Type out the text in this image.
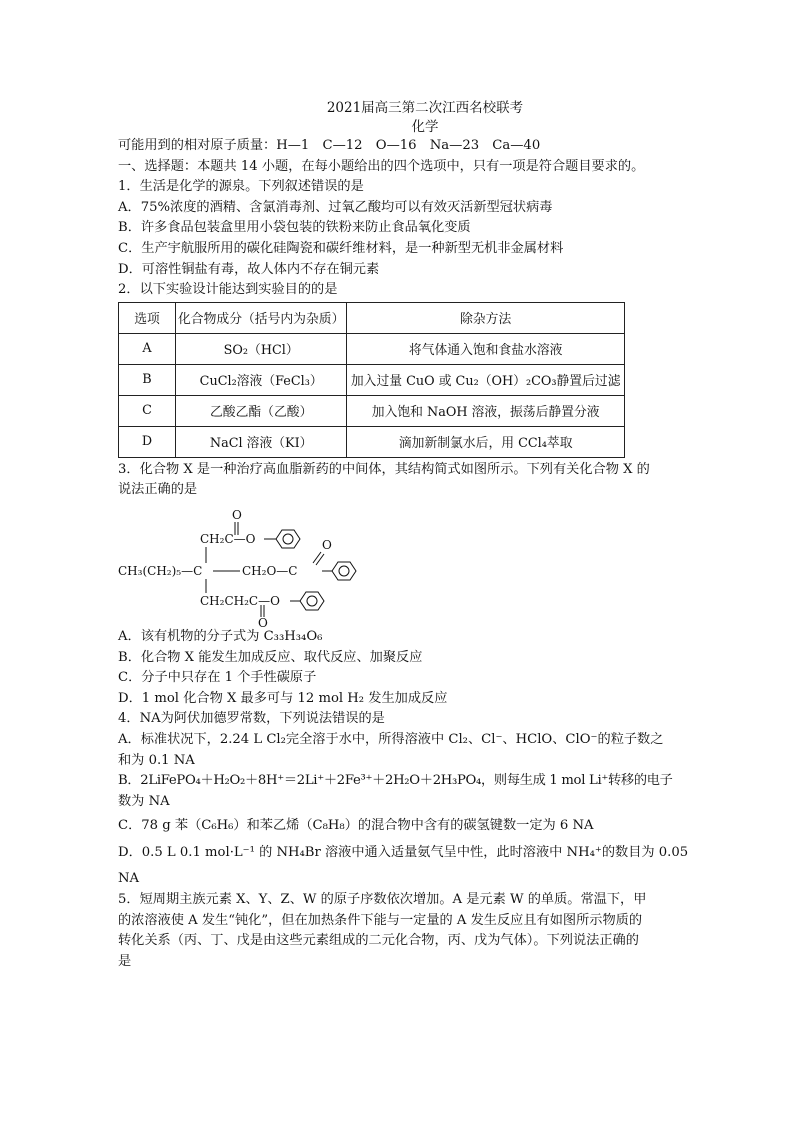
2021届高三第二次江西名校联考
化学
可能用到的相对原子质量：H—1　C—12　O—16　Na—23　Ca—40
一、选择题：本题共 14 小题，在每小题给出的四个选项中，只有一项是符合题目要求的。
1．生活是化学的源泉。下列叙述错误的是
A．75%浓度的酒精、含氯消毒剂、过氧乙酸均可以有效灭活新型冠状病毒
B．许多食品包装盒里用小袋包装的铁粉来防止食品氧化变质
C．生产宇航服所用的碳化硅陶瓷和碳纤维材料，是一种新型无机非金属材料
D．可溶性铜盐有毒，故人体内不存在铜元素
2．以下实验设计能达到实验目的的是
选项	化合物成分（括号内为杂质）	除杂方法
A	SO₂（HCl）	将气体通入饱和食盐水溶液
B	CuCl₂溶液（FeCl₃）	加入过量 CuO 或 Cu₂（OH）₂CO₃静置后过滤
C	乙酸乙酯（乙酸）	加入饱和 NaOH 溶液，振荡后静置分液
D	NaCl 溶液（KI）	滴加新制氯水后，用 CCl₄萃取
3．化合物 X 是一种治疗高血脂新药的中间体，其结构简式如图所示。下列有关化合物 X 的
说法正确的是
O
CH₂C—O
CH₃(CH₂)₅—C	CH₂O—C
O
CH₂CH₂C—O
O
A．该有机物的分子式为 C₃₃H₃₄O₆
B．化合物 X 能发生加成反应、取代反应、加聚反应
C．分子中只存在 1 个手性碳原子
D．1 mol 化合物 X 最多可与 12 mol H₂ 发生加成反应
4．NA为阿伏加德罗常数，下列说法错误的是
A．标准状况下，2.24 L Cl₂完全溶于水中，所得溶液中 Cl₂、Cl⁻、HClO、ClO⁻的粒子数之
和为 0.1 NA
B．2LiFePO₄＋H₂O₂＋8H⁺＝2Li⁺＋2Fe³⁺＋2H₂O＋2H₃PO₄，则每生成 1 mol Li⁺转移的电子
数为 NA
C．78 g 苯（C₆H₆）和苯乙烯（C₈H₈）的混合物中含有的碳氢键数一定为 6 NA
D．0.5 L 0.1 mol·L⁻¹ 的 NH₄Br 溶液中通入适量氨气呈中性，此时溶液中 NH₄⁺的数目为 0.05
NA
5．短周期主族元素 X、Y、Z、W 的原子序数依次增加。A 是元素 W 的单质。常温下，甲
的浓溶液使 A 发生“钝化”，但在加热条件下能与一定量的 A 发生反应且有如图所示物质的
转化关系（丙、丁、戊是由这些元素组成的二元化合物，丙、戊为气体）。下列说法正确的
是
